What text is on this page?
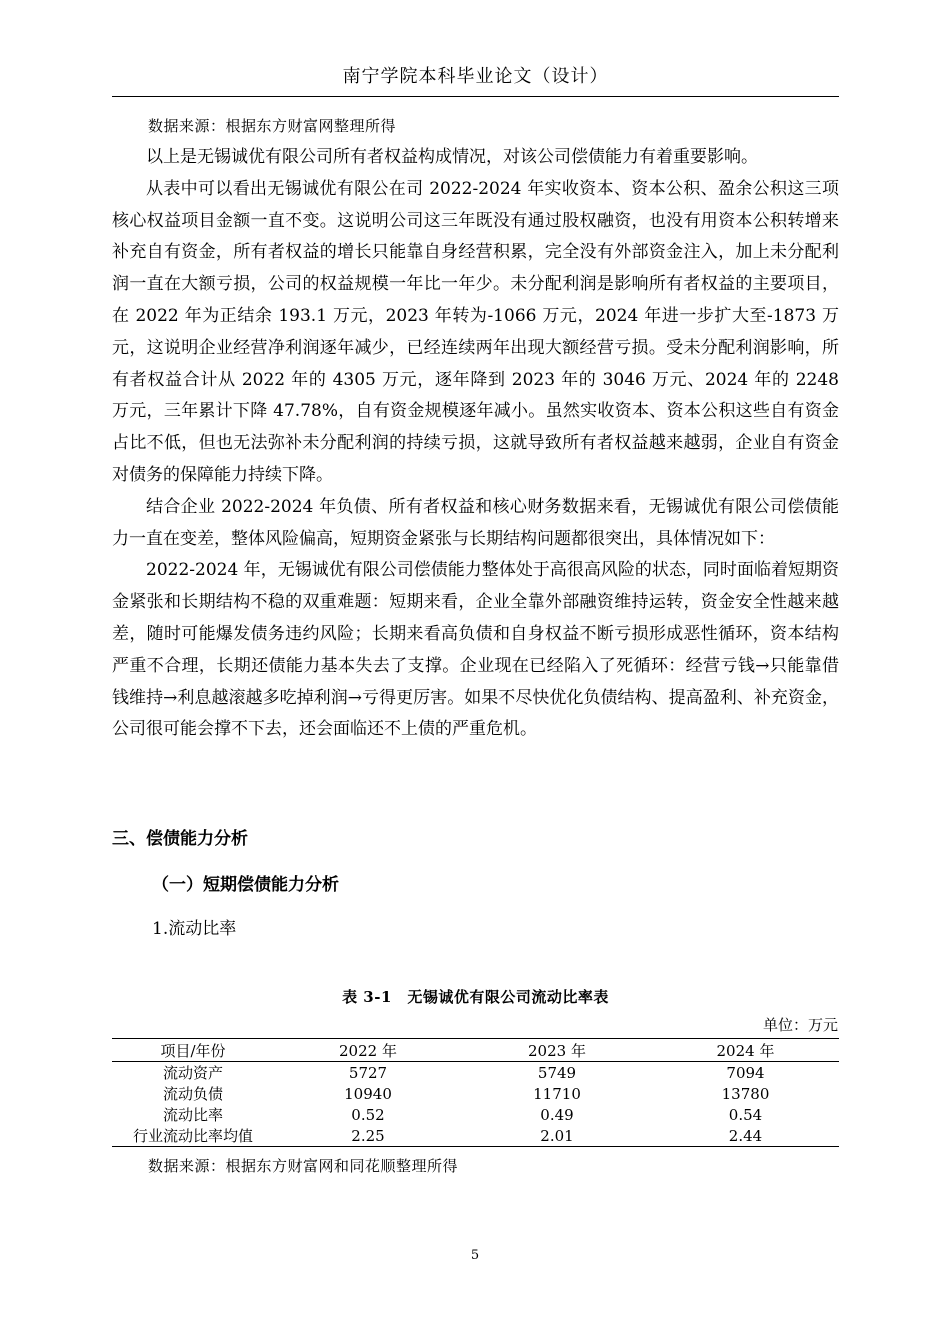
南宁学院本科毕业论文（设计）
数据来源：根据东方财富网整理所得

以上是无锡诚优有限公司所有者权益构成情况，对该公司偿债能力有着重要影响。

从表中可以看出无锡诚优有限公在司 2022-2024 年实收资本、资本公积、盈余公积这三项核心权益项目金额一直不变。这说明公司这三年既没有通过股权融资，也没有用资本公积转增来补充自有资金，所有者权益的增长只能靠自身经营积累，完全没有外部资金注入，加上未分配利润一直在大额亏损，公司的权益规模一年比一年少。未分配利润是影响所有者权益的主要项目，在 2022 年为正结余 193.1 万元，2023 年转为-1066 万元，2024 年进一步扩大至-1873 万元，这说明企业经营净利润逐年减少，已经连续两年出现大额经营亏损。受未分配利润影响，所有者权益合计从 2022 年的 4305 万元，逐年降到 2023 年的 3046 万元、2024 年的 2248 万元，三年累计下降 47.78%，自有资金规模逐年减小。虽然实收资本、资本公积这些自有资金占比不低，但也无法弥补未分配利润的持续亏损，这就导致所有者权益越来越弱，企业自有资金对债务的保障能力持续下降。

结合企业 2022-2024 年负债、所有者权益和核心财务数据来看，无锡诚优有限公司偿债能力一直在变差，整体风险偏高，短期资金紧张与长期结构问题都很突出，具体情况如下：

2022-2024 年，无锡诚优有限公司偿债能力整体处于高很高风险的状态，同时面临着短期资金紧张和长期结构不稳的双重难题：短期来看，企业全靠外部融资维持运转，资金安全性越来越差，随时可能爆发债务违约风险；长期来看高负债和自身权益不断亏损形成恶性循环，资本结构严重不合理，长期还债能力基本失去了支撑。企业现在已经陷入了死循环：经营亏钱→只能靠借钱维持→利息越滚越多吃掉利润→亏得更厉害。如果不尽快优化负债结构、提高盈利、补充资金，公司很可能会撑不下去，还会面临还不上债的严重危机。

三、偿债能力分析
（一）短期偿债能力分析
1.流动比率
表 3-1　无锡诚优有限公司流动比率表
单位：万元
项目/年份	2022 年	2023 年	2024 年
流动资产	5727	5749	7094
流动负债	10940	11710	13780
流动比率	0.52	0.49	0.54
行业流动比率均值	2.25	2.01	2.44
数据来源：根据东方财富网和同花顺整理所得
5
